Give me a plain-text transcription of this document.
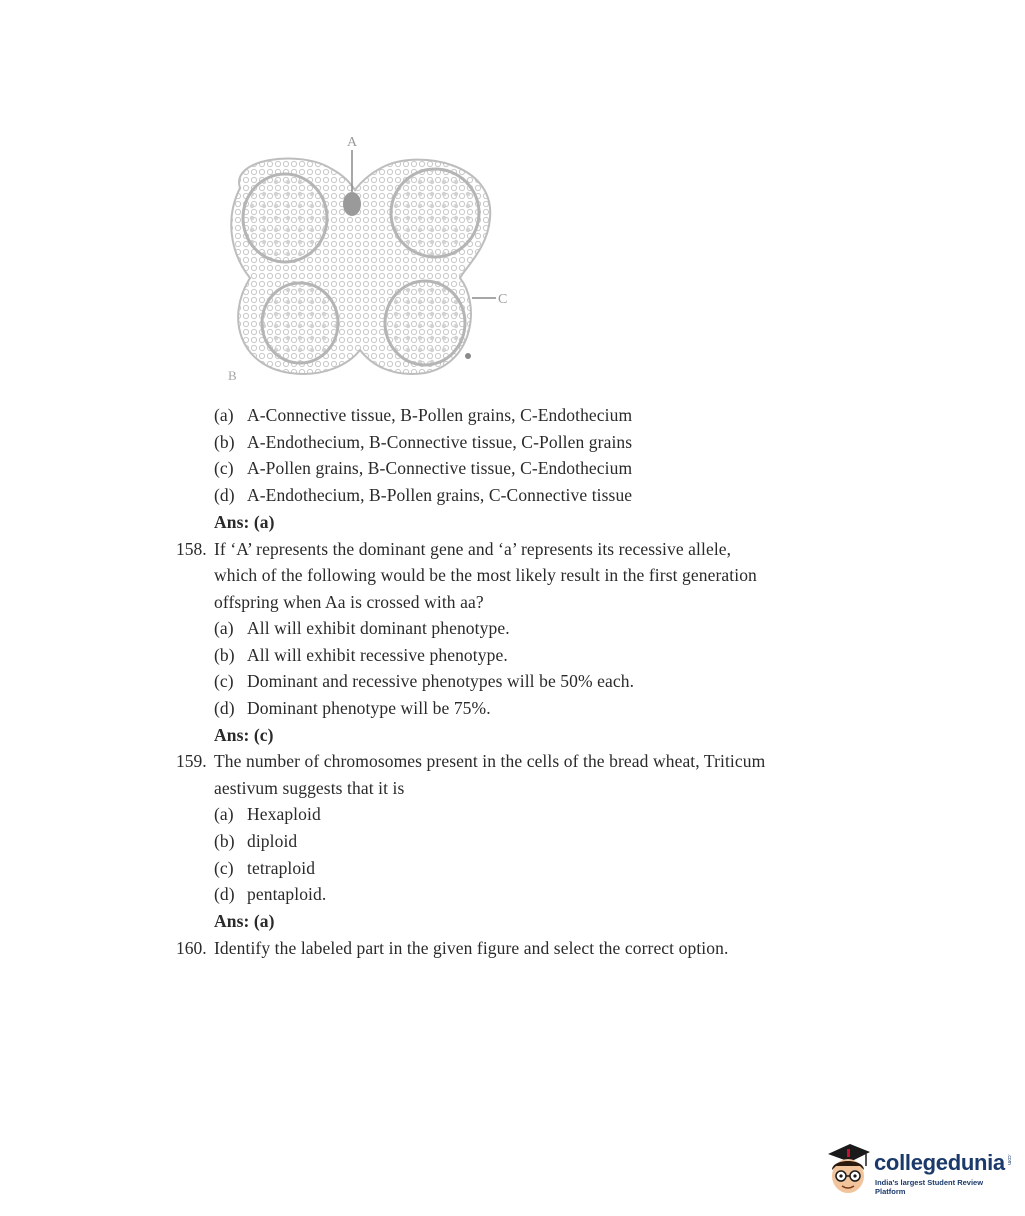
A
C
B
(a) A-Connective tissue, B-Pollen grains, C-Endothecium
(b) A-Endothecium, B-Connective tissue, C-Pollen grains
(c) A-Pollen grains, B-Connective tissue, C-Endothecium
(d) A-Endothecium, B-Pollen grains, C-Connective tissue
Ans: (a)
158. If ‘A’ represents the dominant gene and ‘a’ represents its recessive allele,
which of the following would be the most likely result in the first generation
offspring when Aa is crossed with aa?
(a) All will exhibit dominant phenotype.
(b) All will exhibit recessive phenotype.
(c) Dominant and recessive phenotypes will be 50% each.
(d) Dominant phenotype will be 75%.
Ans: (c)
159. The number of chromosomes present in the cells of the bread wheat, Triticum
aestivum suggests that it is
(a) Hexaploid
(b) diploid
(c) tetraploid
(d) pentaploid.
Ans: (a)
160. Identify the labeled part in the given figure and select the correct option.
collegedunia .com
India's largest Student Review Platform
